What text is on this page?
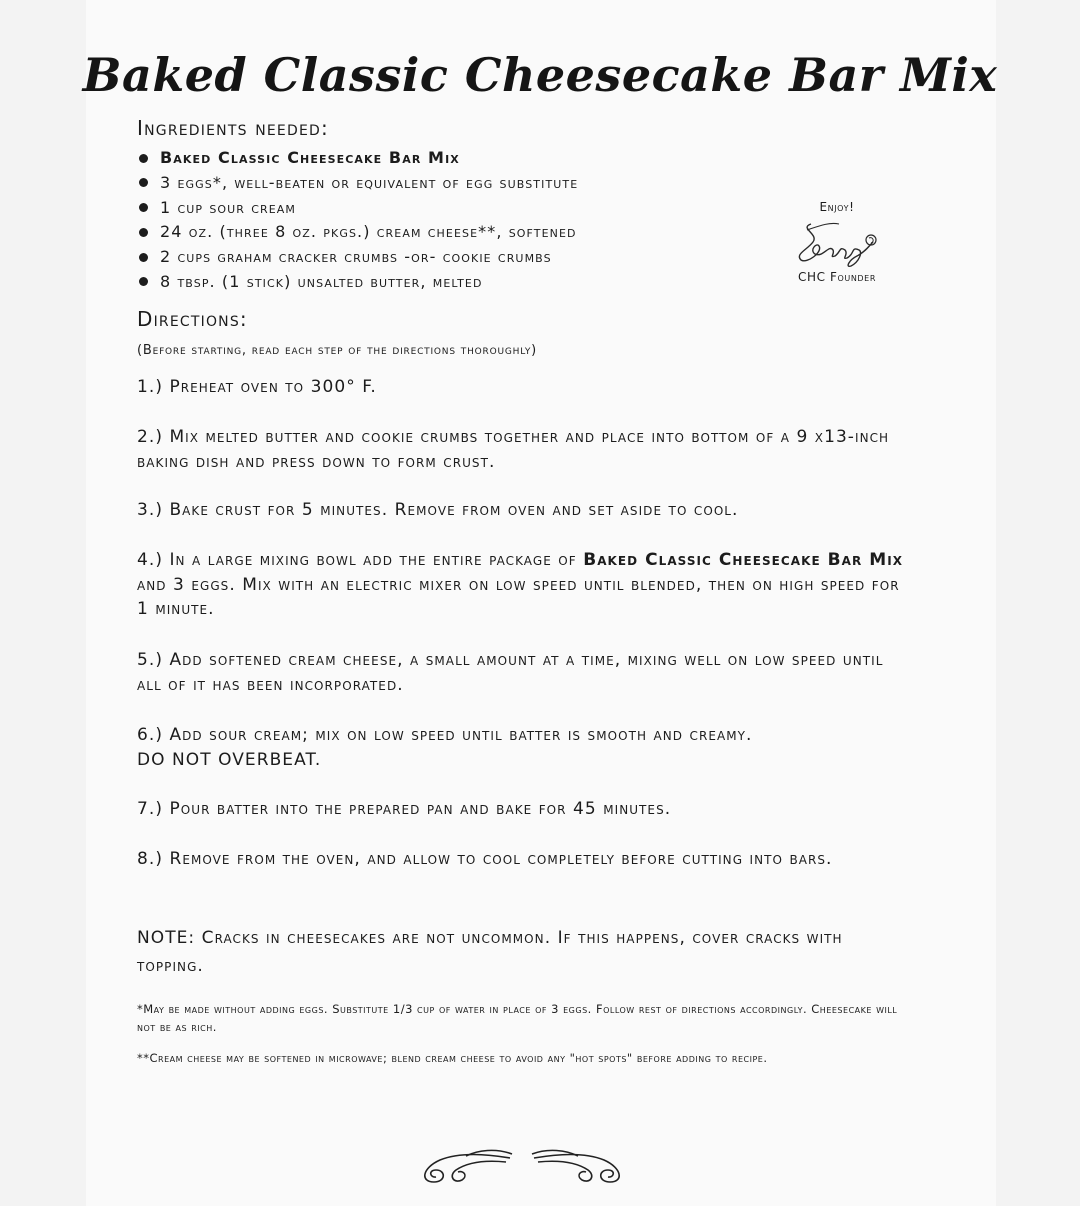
Baked Classic Cheesecake Bar Mix
Ingredients needed:
Baked Classic Cheesecake Bar Mix
3 eggs*, well-beaten or equivalent of egg substitute
1 cup sour cream
24 oz. (three 8 oz. pkgs.) cream cheese**, softened
2 cups graham cracker crumbs -or- cookie crumbs
8 tbsp. (1 stick) unsalted butter, melted
Enjoy!
CHC Founder
Directions:
(Before starting, read each step of the directions thoroughly)
1.) Preheat oven to 300° F.
2.) Mix melted butter and cookie crumbs together and place into bottom of a 9 x13-inch baking dish and press down to form crust.
3.) Bake crust for 5 minutes. Remove from oven and set aside to cool.
4.) In a large mixing bowl add the entire package of Baked Classic Cheesecake Bar Mix and 3 eggs. Mix with an electric mixer on low speed until blended, then on high speed for 1 minute.
5.) Add softened cream cheese, a small amount at a time, mixing well on low speed until all of it has been incorporated.
6.) Add sour cream; mix on low speed until batter is smooth and creamy.
DO NOT OVERBEAT.
7.) Pour batter into the prepared pan and bake for 45 minutes.
8.) Remove from the oven, and allow to cool completely before cutting into bars.
NOTE: Cracks in cheesecakes are not uncommon. If this happens, cover cracks with topping.
*May be made without adding eggs. Substitute 1/3 cup of water in place of 3 eggs. Follow rest of directions accordingly. Cheesecake will not be as rich.
**Cream cheese may be softened in microwave; blend cream cheese to avoid any "hot spots" before adding to recipe.
